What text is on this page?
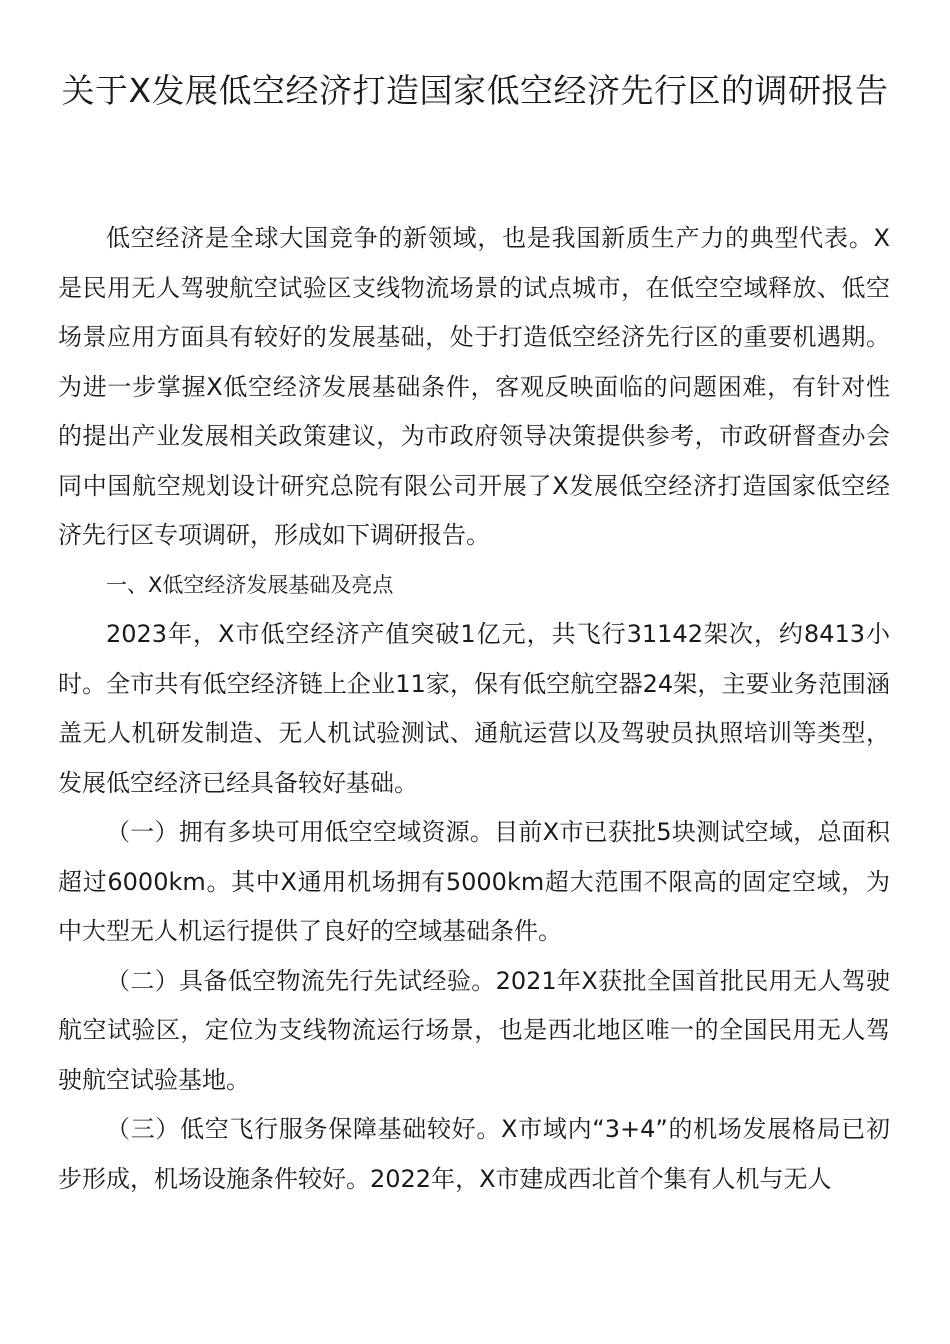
关于X发展低空经济打造国家低空经济先行区的调研报告

低空经济是全球大国竞争的新领域，也是我国新质生产力的典型代表。X是民用无人驾驶航空试验区支线物流场景的试点城市，在低空空域释放、低空场景应用方面具有较好的发展基础，处于打造低空经济先行区的重要机遇期。为进一步掌握X低空经济发展基础条件，客观反映面临的问题困难，有针对性的提出产业发展相关政策建议，为市政府领导决策提供参考，市政研督查办会同中国航空规划设计研究总院有限公司开展了X发展低空经济打造国家低空经济先行区专项调研，形成如下调研报告。

一、X低空经济发展基础及亮点

2023年，X市低空经济产值突破1亿元，共飞行31142架次，约8413小时。全市共有低空经济链上企业11家，保有低空航空器24架，主要业务范围涵盖无人机研发制造、无人机试验测试、通航运营以及驾驶员执照培训等类型，发展低空经济已经具备较好基础。

（一）拥有多块可用低空空域资源。目前X市已获批5块测试空域，总面积超过6000km。其中X通用机场拥有5000km超大范围不限高的固定空域，为中大型无人机运行提供了良好的空域基础条件。

（二）具备低空物流先行先试经验。2021年X获批全国首批民用无人驾驶航空试验区，定位为支线物流运行场景，也是西北地区唯一的全国民用无人驾驶航空试验基地。

（三）低空飞行服务保障基础较好。X市域内“3+4”的机场发展格局已初步形成，机场设施条件较好。2022年，X市建成西北首个集有人机与无人
